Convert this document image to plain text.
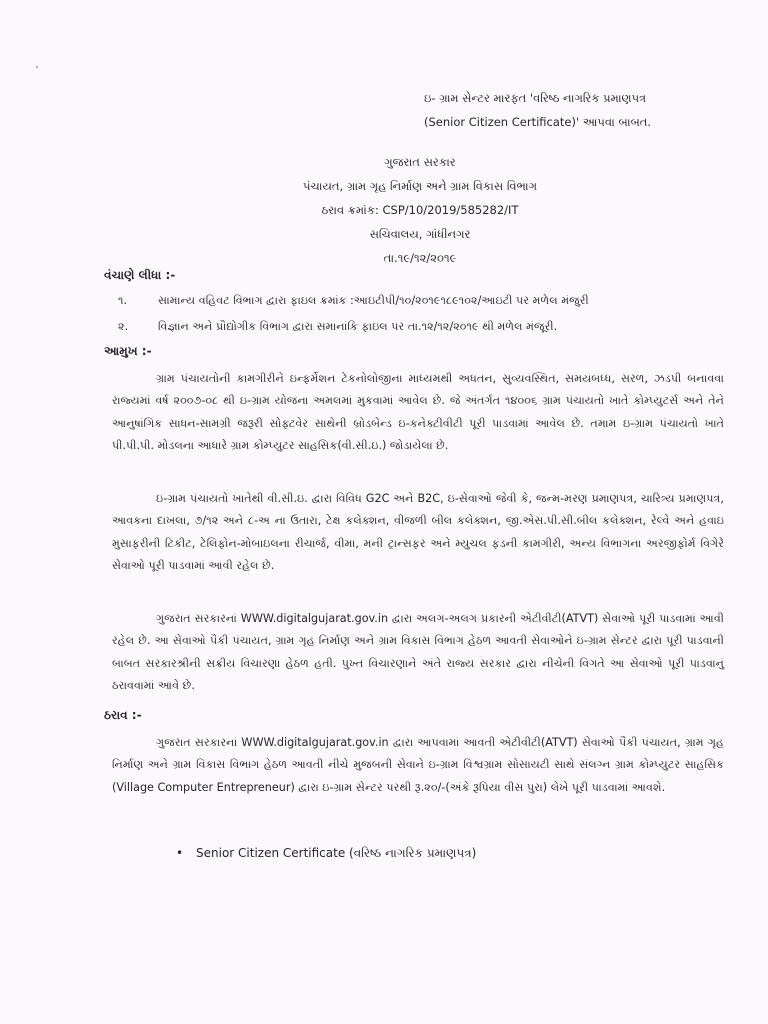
ઇ- ગ્રામ સેન્ટર મારફત 'વરિષ્ઠ નાગરિક પ્રમાણપત્ર
(Senior Citizen Certificate)' આપવા બાબત.
ગુજરાત સરકાર
પંચાયત, ગ્રામ ગૃહ નિર્માણ અને ગ્રામ વિકાસ વિભાગ
ઠરાવ ક્રમાંક: CSP/10/2019/585282/IT
સચિવાલય, ગાંધીનગર
તા.૧૯/૧૨/૨૦૧૯
વંચાણે લીધા :-
૧.	સામાન્ય વહિવટ વિભાગ દ્વારા ફાઇલ ક્રમાંક :આઇટીપી/૧૦/૨૦૧૯૧૮૯૧૦૨/આઇટી પર મળેલ મંજુરી
૨.	વિજ્ઞાન અને પ્રૌદ્યોગીક વિભાગ દ્વારા સમાનાંકિ ફાઇલ પર તા.૧૨/૧૨/૨૦૧૯ થી મળેલ મંજૂરી.
આમુખ :-
ગ્રામ પંચાયતોની કામગીરીને ઇન્ફર્મેશન ટેકનોલોજીના માધ્યમથી અધતન, સુવ્યવસ્થિત, સમયબધ્ધ, સરળ, ઝડપી બનાવવા રાજ્યમાં વર્ષ ૨૦૦૭-૦૮ થી ઇ-ગ્રામ યોજના અમલમાં મુકવામાં આવેલ છે. જે અંતર્ગત ૧૪૦૦૬ ગ્રામ પંચાયતો ખાતે કોમ્પ્યુટર્સ અને તેને આનુષાંગિક સાધન-સામગ્રી જરૂરી સોફ્ટવેર સાથેની બ્રોડબેન્ડ ઇ-કનેક્ટીવીટી પૂરી પાડવામાં આવેલ છે. તમામ ઇ-ગ્રામ પંચાયતો ખાતે પી.પી.પી. મોડલના આધારે ગ્રામ કોમ્પ્યુટર સાહસિક(વી.સી.ઇ.) જોડાયેલા છે.
ઇ-ગ્રામ પંચાયતો ખાતેથી વી.સી.ઇ. દ્વારા વિવિધ G2C અને B2C, ઇ-સેવાઓ જેવી કે, જન્મ-મરણ પ્રમાણપત્ર, ચારિત્ર્ય પ્રમાણપત્ર, આવકના દાખલા, ૭/૧૨ અને ૮-અ ના ઉતારા, ટેક્ષ કલેક્શન, વીજળી બીલ કલેક્શન, જી.એસ.પી.સી.બીલ કલેક્શન, રેલ્વે અને હવાઇ મુસાફરીની ટિકીટ, ટેલિફોન-મોબાઇલના રીચાર્જ, વીમા, મની ટ્રાન્સફર અને મ્યુચલ ફંડની કામગીરી, અન્ય વિભાગના અરજીફોર્મ વિગેરે સેવાઓ પૂરી પાડવામાં આવી રહેલ છે.
ગુજરાત સરકારનાં WWW.digitalgujarat.gov.in દ્વારા અલગ-અલગ પ્રકારની એટીવીટી(ATVT) સેવાઓ પૂરી પાડવામાં આવી રહેલ છે. આ સેવાઓ પૈકી પંચાયત, ગ્રામ ગૃહ નિર્માણ અને ગ્રામ વિકાસ વિભાગ હેઠળ આવતી સેવાઓને ઇ-ગ્રામ સેન્ટર દ્વારા પૂરી પાડવાની બાબત સરકારશ્રીની સક્રીય વિચારણા હેઠળ હતી. પુખ્ત વિચારણાને અંતે રાજ્ય સરકાર દ્વારા નીચેની વિગતે આ સેવાઓ પૂરી પાડવાનું ઠરાવવામાં આવે છે.
ઠરાવ :-
ગુજરાત સરકારનાં WWW.digitalgujarat.gov.in દ્વારા આપવામાં આવતી એટીવીટી(ATVT) સેવાઓ પૈકી પંચાયત, ગ્રામ ગૃહ નિર્માણ અને ગ્રામ વિકાસ વિભાગ હેઠળ આવતી નીચે મુજબની સેવાને ઇ-ગ્રામ વિશ્વગ્રામ સોસાયટી સાથે સંલગ્ન ગ્રામ કોમ્પ્યુટર સાહસિક (Village Computer Entrepreneur) દ્વારા ઇ-ગ્રામ સેન્ટર પરથી રૂ.૨૦/-(અંકે રૂપિયા વીસ પુરા) લેખે પૂરી પાડવામાં આવશે.
• Senior Citizen Certificate (વરિષ્ઠ નાગરિક પ્રમાણપત્ર)
